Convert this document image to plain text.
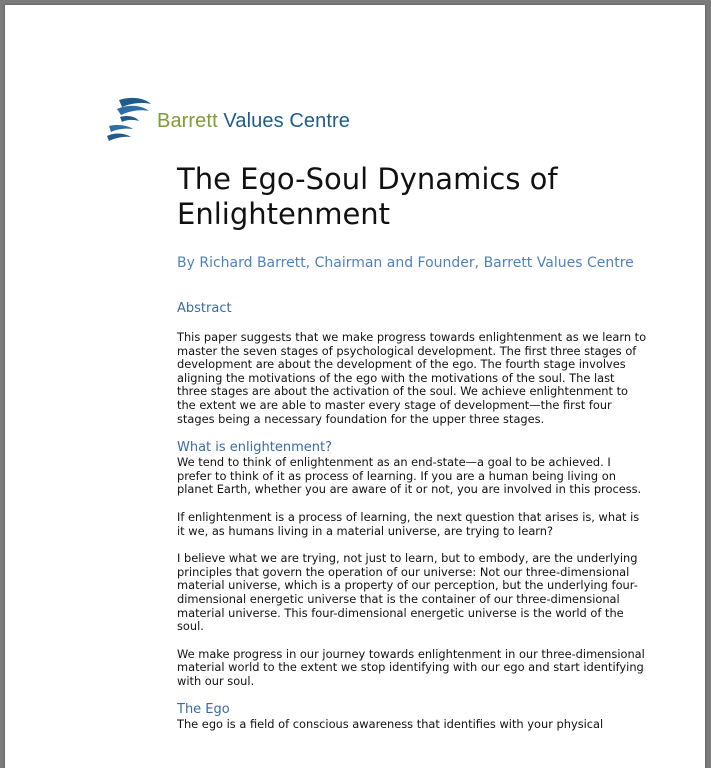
Barrett Values Centre
The Ego-Soul Dynamics of
Enlightenment
By Richard Barrett, Chairman and Founder, Barrett Values Centre
Abstract

This paper suggests that we make progress towards enlightenment as we learn to master the seven stages of psychological development. The first three stages of development are about the development of the ego. The fourth stage involves aligning the motivations of the ego with the motivations of the soul. The last three stages are about the activation of the soul. We achieve enlightenment to the extent we are able to master every stage of development—the first four stages being a necessary foundation for the upper three stages.

What is enlightenment?

We tend to think of enlightenment as an end-state—a goal to be achieved. I prefer to think of it as process of learning. If you are a human being living on planet Earth, whether you are aware of it or not, you are involved in this process.

If enlightenment is a process of learning, the next question that arises is, what is it we, as humans living in a material universe, are trying to learn?

I believe what we are trying, not just to learn, but to embody, are the underlying principles that govern the operation of our universe: Not our three-dimensional material universe, which is a property of our perception, but the underlying four-dimensional energetic universe that is the container of our three-dimensional material universe. This four-dimensional energetic universe is the world of the soul.

We make progress in our journey towards enlightenment in our three-dimensional material world to the extent we stop identifying with our ego and start identifying with our soul.

The Ego

The ego is a field of conscious awareness that identifies with your physical
